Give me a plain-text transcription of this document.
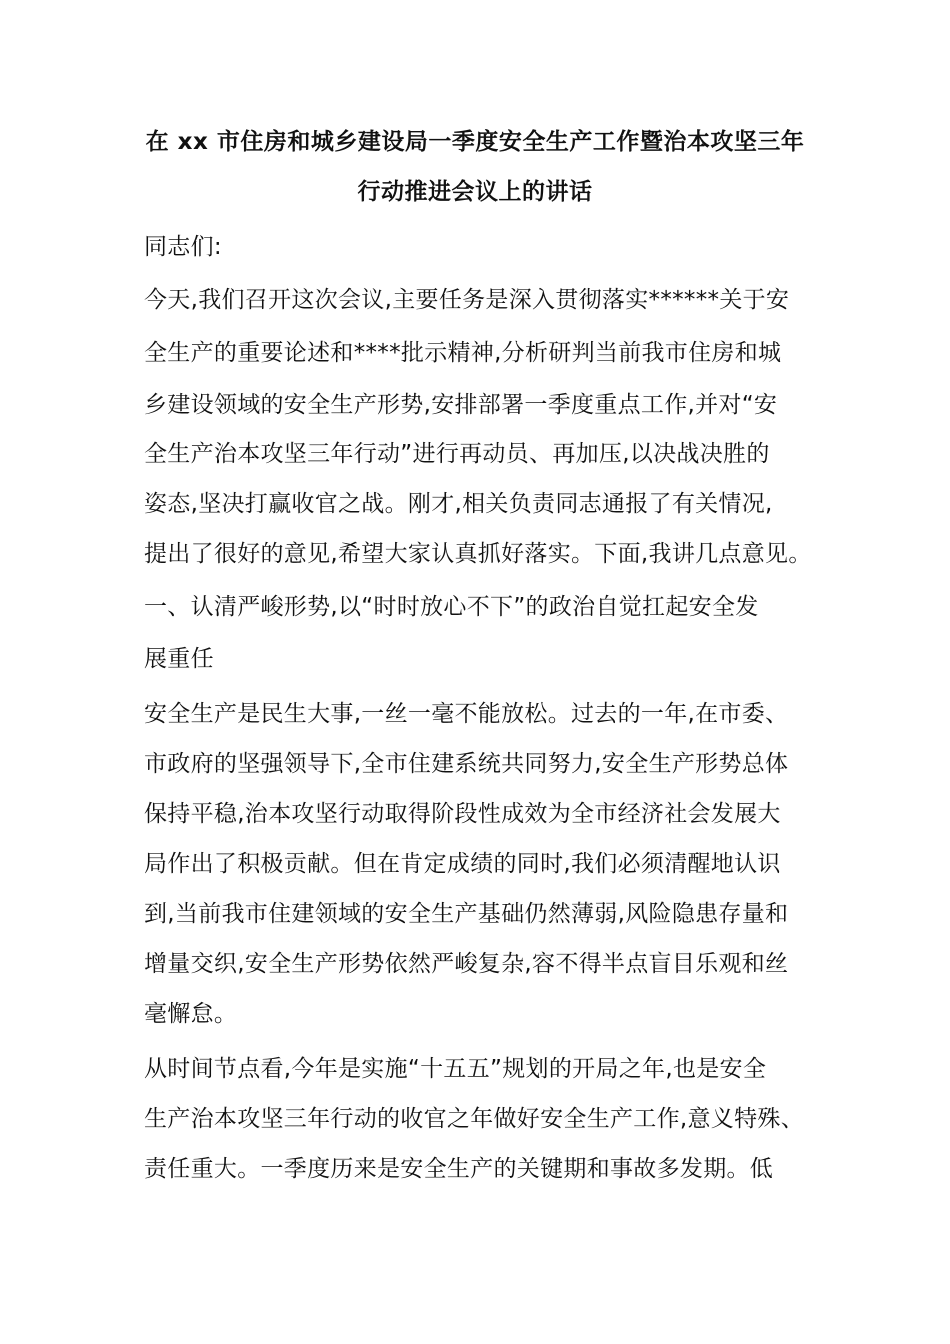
在 xx 市住房和城乡建设局一季度安全生产工作暨治本攻坚三年
行动推进会议上的讲话
同志们:
今天,我们召开这次会议,主要任务是深入贯彻落实******关于安
全生产的重要论述和****批示精神,分析研判当前我市住房和城
乡建设领域的安全生产形势,安排部署一季度重点工作,并对“安
全生产治本攻坚三年行动”进行再动员、再加压,以决战决胜的
姿态,坚决打赢收官之战。刚才,相关负责同志通报了有关情况,
提出了很好的意见,希望大家认真抓好落实。下面,我讲几点意见。
一、认清严峻形势,以“时时放心不下”的政治自觉扛起安全发
展重任
安全生产是民生大事,一丝一毫不能放松。过去的一年,在市委、
市政府的坚强领导下,全市住建系统共同努力,安全生产形势总体
保持平稳,治本攻坚行动取得阶段性成效为全市经济社会发展大
局作出了积极贡献。但在肯定成绩的同时,我们必须清醒地认识
到,当前我市住建领域的安全生产基础仍然薄弱,风险隐患存量和
增量交织,安全生产形势依然严峻复杂,容不得半点盲目乐观和丝
毫懈怠。
从时间节点看,今年是实施“十五五”规划的开局之年,也是安全
生产治本攻坚三年行动的收官之年做好安全生产工作,意义特殊、
责任重大。一季度历来是安全生产的关键期和事故多发期。低
